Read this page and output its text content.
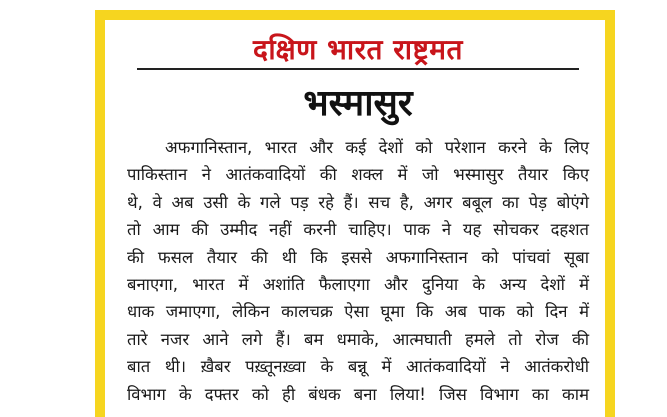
दक्षिण भारत राष्ट्रमत
भस्मासुर
अफगानिस्तान, भारत और कई देशों को परेशान करने के लिए
पाकिस्तान ने आतंकवादियों की शक्ल में जो भस्मासुर तैयार किए
थे, वे अब उसी के गले पड़ रहे हैं। सच है, अगर बबूल का पेड़ बोएंगे
तो आम की उम्मीद नहीं करनी चाहिए। पाक ने यह सोचकर दहशत
की फसल तैयार की थी कि इससे अफगानिस्तान को पांचवां सूबा
बनाएगा, भारत में अशांति फैलाएगा और दुनिया के अन्य देशों में
धाक जमाएगा, लेकिन कालचक्र ऐसा घूमा कि अब पाक को दिन में
तारे नजर आने लगे हैं। बम धमाके, आत्मघाती हमले तो रोज की
बात थी। ख़ैबर पख़्तूनख़्वा के बन्नू में आतंकवादियों ने आतंकरोधी
विभाग के दफ्तर को ही बंधक बना लिया! जिस विभाग का काम
